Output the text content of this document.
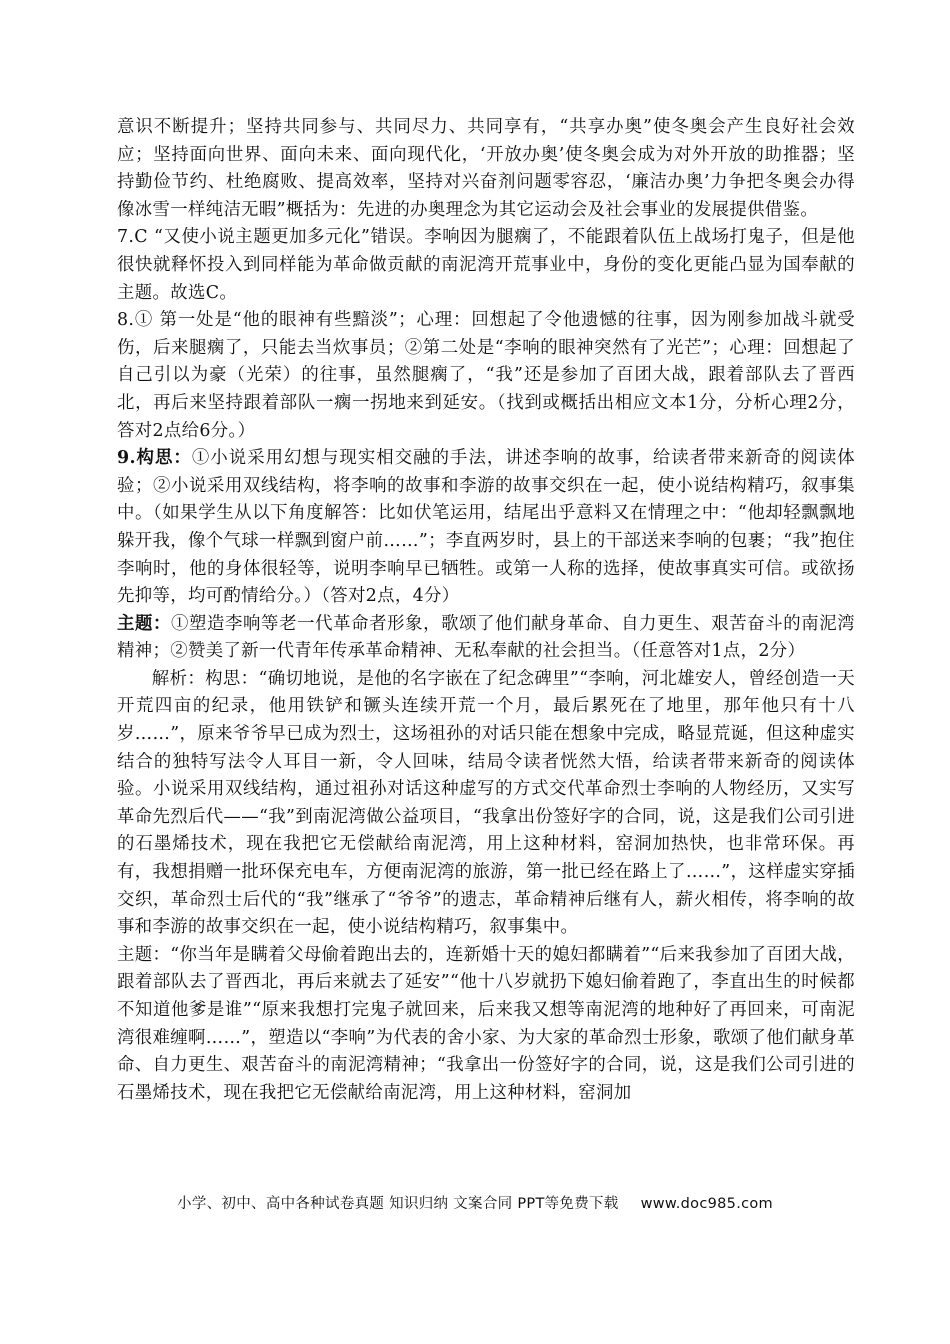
意识不断提升；坚持共同参与、共同尽力、共同享有，“共享办奥”使冬奥会产生良好社会效应；坚持面向世界、面向未来、面向现代化，‘开放办奥’使冬奥会成为对外开放的助推器；坚持勤俭节约、杜绝腐败、提高效率，坚持对兴奋剂问题零容忍，‘廉洁办奥’力争把冬奥会办得像冰雪一样纯洁无暇”概括为：先进的办奥理念为其它运动会及社会事业的发展提供借鉴。

7.C “又使小说主题更加多元化”错误。李响因为腿瘸了，不能跟着队伍上战场打鬼子，但是他很快就释怀投入到同样能为革命做贡献的南泥湾开荒事业中，身份的变化更能凸显为国奉献的主题。故选C。

8.① 第一处是“他的眼神有些黯淡”；心理：回想起了令他遗憾的往事，因为刚参加战斗就受伤，后来腿瘸了，只能去当炊事员；②第二处是“李响的眼神突然有了光芒”；心理：回想起了自己引以为豪（光荣）的往事，虽然腿瘸了，“我”还是参加了百团大战，跟着部队去了晋西北，再后来坚持跟着部队一瘸一拐地来到延安。（找到或概括出相应文本1分，分析心理2分，答对2点给6分。）

9.构思：①小说采用幻想与现实相交融的手法，讲述李响的故事，给读者带来新奇的阅读体验；②小说采用双线结构，将李响的故事和李游的故事交织在一起，使小说结构精巧，叙事集中。（如果学生从以下角度解答：比如伏笔运用，结尾出乎意料又在情理之中：“他却轻飘飘地躲开我，像个气球一样飘到窗户前……”；李直两岁时，县上的干部送来李响的包裹；“我”抱住李响时，他的身体很轻等，说明李响早已牺牲。或第一人称的选择，使故事真实可信。或欲扬先抑等，均可酌情给分。）（答对2点，4分）

主题：①塑造李响等老一代革命者形象，歌颂了他们献身革命、自力更生、艰苦奋斗的南泥湾精神；②赞美了新一代青年传承革命精神、无私奉献的社会担当。（任意答对1点，2分）

解析：构思：“确切地说，是他的名字嵌在了纪念碑里”“李响，河北雄安人，曾经创造一天开荒四亩的纪录，他用铁铲和镢头连续开荒一个月，最后累死在了地里，那年他只有十八岁……”，原来爷爷早已成为烈士，这场祖孙的对话只能在想象中完成，略显荒诞，但这种虚实结合的独特写法令人耳目一新，令人回味，结局令读者恍然大悟，给读者带来新奇的阅读体验。小说采用双线结构，通过祖孙对话这种虚写的方式交代革命烈士李响的人物经历，又实写革命先烈后代——“我”到南泥湾做公益项目，“我拿出份签好字的合同，说，这是我们公司引进的石墨烯技术，现在我把它无偿献给南泥湾，用上这种材料，窑洞加热快，也非常环保。再有，我想捐赠一批环保充电车，方便南泥湾的旅游，第一批已经在路上了……”，这样虚实穿插交织，革命烈士后代的“我”继承了“爷爷”的遗志，革命精神后继有人，薪火相传，将李响的故事和李游的故事交织在一起，使小说结构精巧，叙事集中。

主题：“你当年是瞒着父母偷着跑出去的，连新婚十天的媳妇都瞒着”“后来我参加了百团大战，跟着部队去了晋西北，再后来就去了延安”“他十八岁就扔下媳妇偷着跑了，李直出生的时候都不知道他爹是谁”“原来我想打完鬼子就回来，后来我又想等南泥湾的地种好了再回来，可南泥湾很难缠啊……”，塑造以“李响”为代表的舍小家、为大家的革命烈士形象，歌颂了他们献身革命、自力更生、艰苦奋斗的南泥湾精神；“我拿出一份签好字的合同，说，这是我们公司引进的石墨烯技术，现在我把它无偿献给南泥湾，用上这种材料，窑洞加

小学、初中、高中各种试卷真题 知识归纳 文案合同 PPT等免费下载 www.doc985.com
